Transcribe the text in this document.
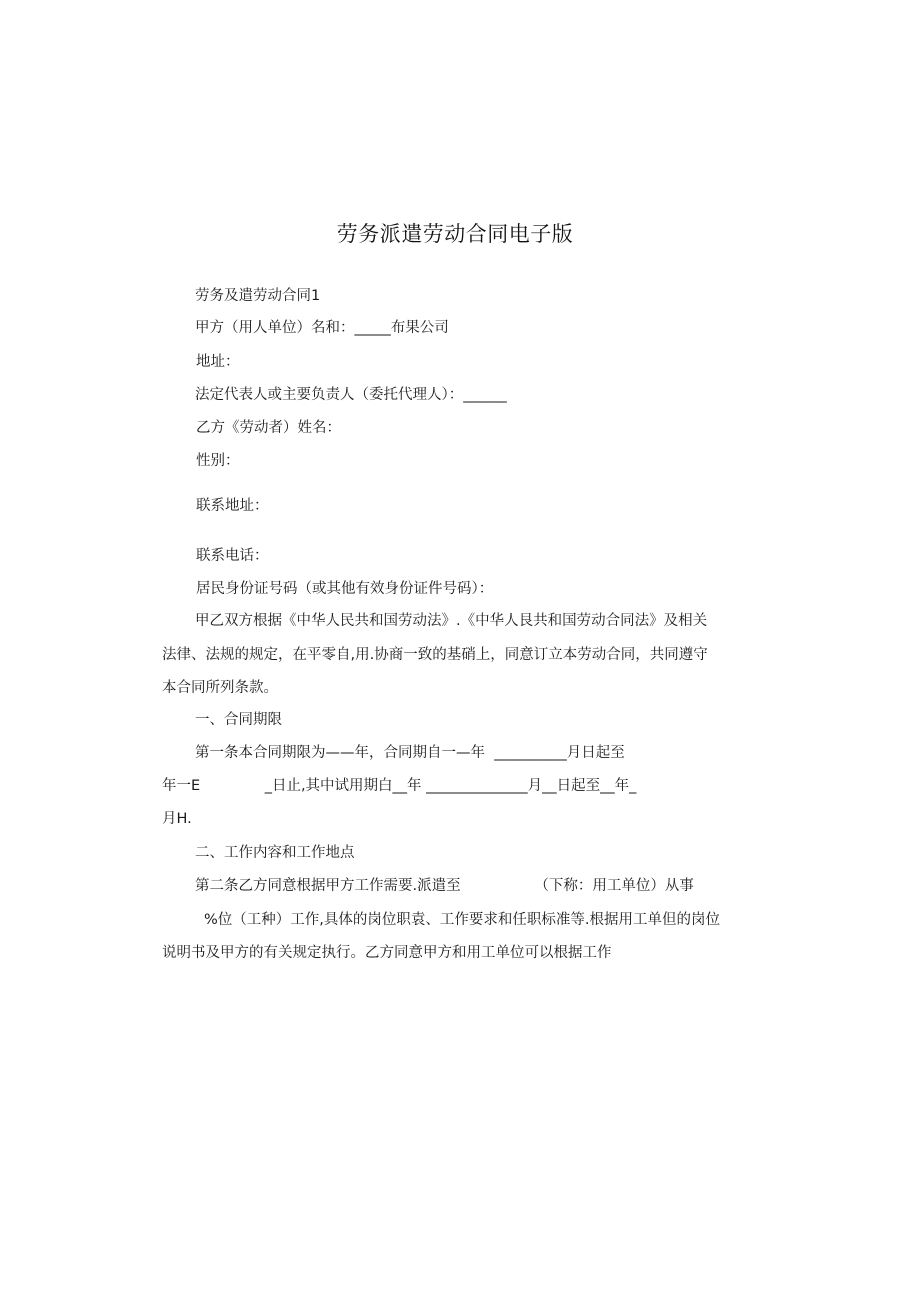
劳务派遣劳动合同电子版
劳务及遣劳动合同1
甲方（用人单位）名和：_____布果公司
地址：
法定代表人或主要负责人（委托代理人）：______
乙方《劳动者）姓名：
性别：
联系地址：
联系电话：
居民身份证号码（或其他有效身份证件号码）：
甲乙双方根据《中华人民共和国劳动法》.《中华人艮共和国劳动合同法》及相关
法律、法规的规定，在平零自,用.协商一致的基硝上，同意订立本劳动合同，共同遵守
本合同所列条款。
一、合同期限
第一条本合同期限为——年，合同期自一—年  __________月日起至
年一E              _日止,其中试用期白__年 ______________月__日起至__年_
月H.
二、工作内容和工作地点
第二条乙方同意根据甲方工作需要.派遣至                （下称：用工单位）从事
%位（工种）工作,具体的岗位职袁、工作要求和任职标准等.根据用工单但的岗位
说明书及甲方的有关规定执行。乙方同意甲方和用工单位可以根据工作
